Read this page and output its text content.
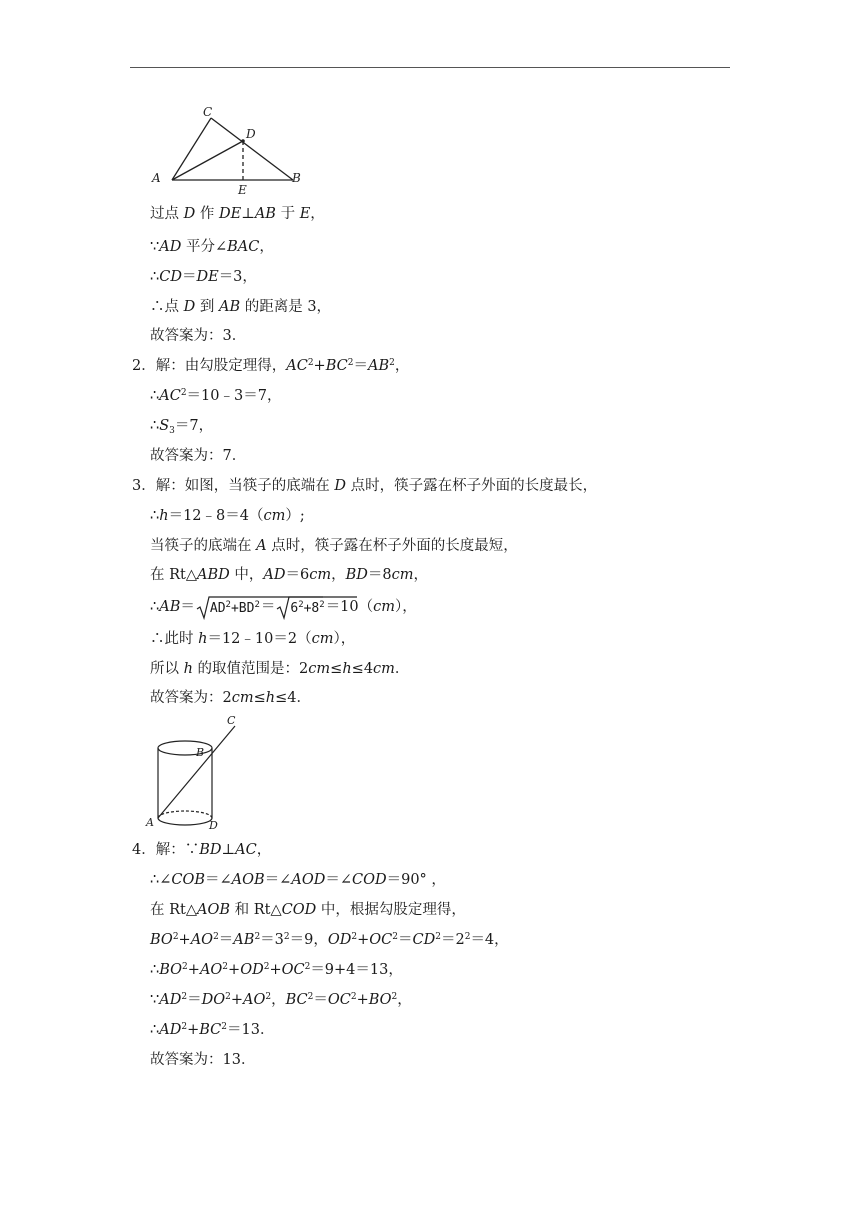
C
D
A	B
E
过点 D 作 DE⊥AB 于 E，
∵AD 平分∠BAC，
∴CD＝DE＝3，
∴点 D 到 AB 的距离是 3，
故答案为：3．
2．解：由勾股定理得，$AC^2+BC^2=AB^2$，
$\therefore AC^2=10﹣3=7$，
$\therefore S_3=7$，
故答案为：7．
3．解：如图，当筷子的底端在 D 点时，筷子露在杯子外面的长度最长，
∴h＝12﹣8＝4（cm）;
当筷子的底端在 A 点时，筷子露在杯子外面的长度最短，
在 Rt△ABD 中，AD＝6cm，BD＝8cm，
∴AB＝ $AD^2+BD^2= 6^2+8^2=10(cm)$，
∴此时 h＝12﹣10＝2（cm），
所以 h 的取值范围是：2cm≤h≤4cm．
故答案为：2cm≤h≤4．
C
B
A	D
4．解：∵BD⊥AC，
∴∠COB＝∠AOB＝∠AOD＝∠COD＝90° ，
在 Rt△AOB 和 Rt△COD 中，根据勾股定理得，
$BO^2+AO^2=AB^2=3^2=9$，$OD^2+OC^2=CD^2=2^2=4$，
$\therefore BO^2+AO^2+OD^2+OC^2=9+4=13$，
$\because AD^2=DO^2+AO^2$，$BC^2=OC^2+BO^2$，
$\therefore AD^2+BC^2=13$．
故答案为：13．
